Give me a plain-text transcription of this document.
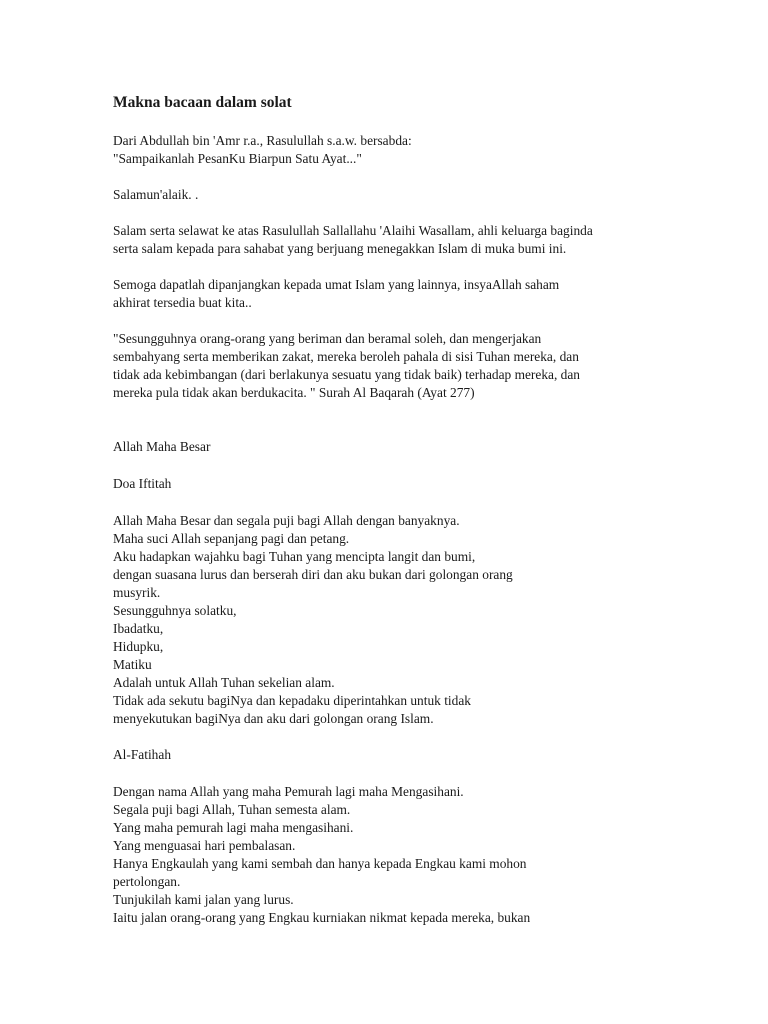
Makna bacaan dalam solat
Dari Abdullah bin 'Amr r.a., Rasulullah s.a.w. bersabda:
"Sampaikanlah PesanKu Biarpun Satu Ayat..."
Salamun'alaik. .
Salam serta selawat ke atas Rasulullah Sallallahu 'Alaihi Wasallam, ahli keluarga baginda
serta salam kepada para sahabat yang berjuang menegakkan Islam di muka bumi ini.
Semoga dapatlah dipanjangkan kepada umat Islam yang lainnya, insyaAllah saham
akhirat tersedia buat kita..
"Sesungguhnya orang-orang yang beriman dan beramal soleh, dan mengerjakan
sembahyang serta memberikan zakat, mereka beroleh pahala di sisi Tuhan mereka, dan
tidak ada kebimbangan (dari berlakunya sesuatu yang tidak baik) terhadap mereka, dan
mereka pula tidak akan berdukacita. " Surah Al Baqarah (Ayat 277)
Allah Maha Besar
Doa Iftitah
Allah Maha Besar dan segala puji bagi Allah dengan banyaknya.
Maha suci Allah sepanjang pagi dan petang.
Aku hadapkan wajahku bagi Tuhan yang mencipta langit dan bumi,
dengan suasana lurus dan berserah diri dan aku bukan dari golongan orang
musyrik.
Sesungguhnya solatku,
Ibadatku,
Hidupku,
Matiku
Adalah untuk Allah Tuhan sekelian alam.
Tidak ada sekutu bagiNya dan kepadaku diperintahkan untuk tidak
menyekutukan bagiNya dan aku dari golongan orang Islam.
Al-Fatihah
Dengan nama Allah yang maha Pemurah lagi maha Mengasihani.
Segala puji bagi Allah, Tuhan semesta alam.
Yang maha pemurah lagi maha mengasihani.
Yang menguasai hari pembalasan.
Hanya Engkaulah yang kami sembah dan hanya kepada Engkau kami mohon
pertolongan.
Tunjukilah kami jalan yang lurus.
Iaitu jalan orang-orang yang Engkau kurniakan nikmat kepada mereka, bukan
